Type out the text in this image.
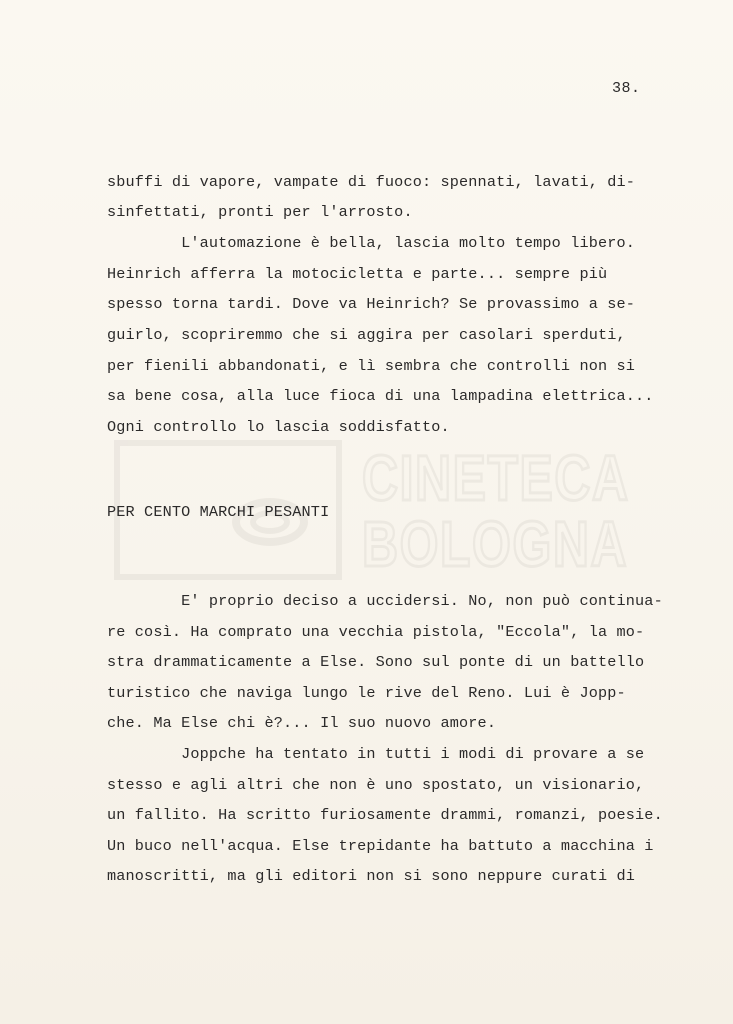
CINETECA
BOLOGNA
38.
sbuffi di vapore, vampate di fuoco: spennati, lavati, di-
sinfettati, pronti per l'arrosto.
L'automazione è bella, lascia molto tempo libero.
Heinrich afferra la motocicletta e parte... sempre più
spesso torna tardi. Dove va Heinrich? Se provassimo a se-
guirlo, scopriremmo che si aggira per casolari sperduti,
per fienili abbandonati, e lì sembra che controlli non si
sa bene cosa, alla luce fioca di una lampadina elettrica...
Ogni controllo lo lascia soddisfatto.
PER CENTO MARCHI PESANTI
E' proprio deciso a uccidersi. No, non può continua-
re così. Ha comprato una vecchia pistola, "Eccola", la mo-
stra drammaticamente a Else. Sono sul ponte di un battello
turistico che naviga lungo le rive del Reno. Lui è Jopp-
che. Ma Else chi è?... Il suo nuovo amore.
Joppche ha tentato in tutti i modi di provare a se
stesso e agli altri che non è uno spostato, un visionario,
un fallito. Ha scritto furiosamente drammi, romanzi, poesie.
Un buco nell'acqua. Else trepidante ha battuto a macchina i
manoscritti, ma gli editori non si sono neppure curati di
